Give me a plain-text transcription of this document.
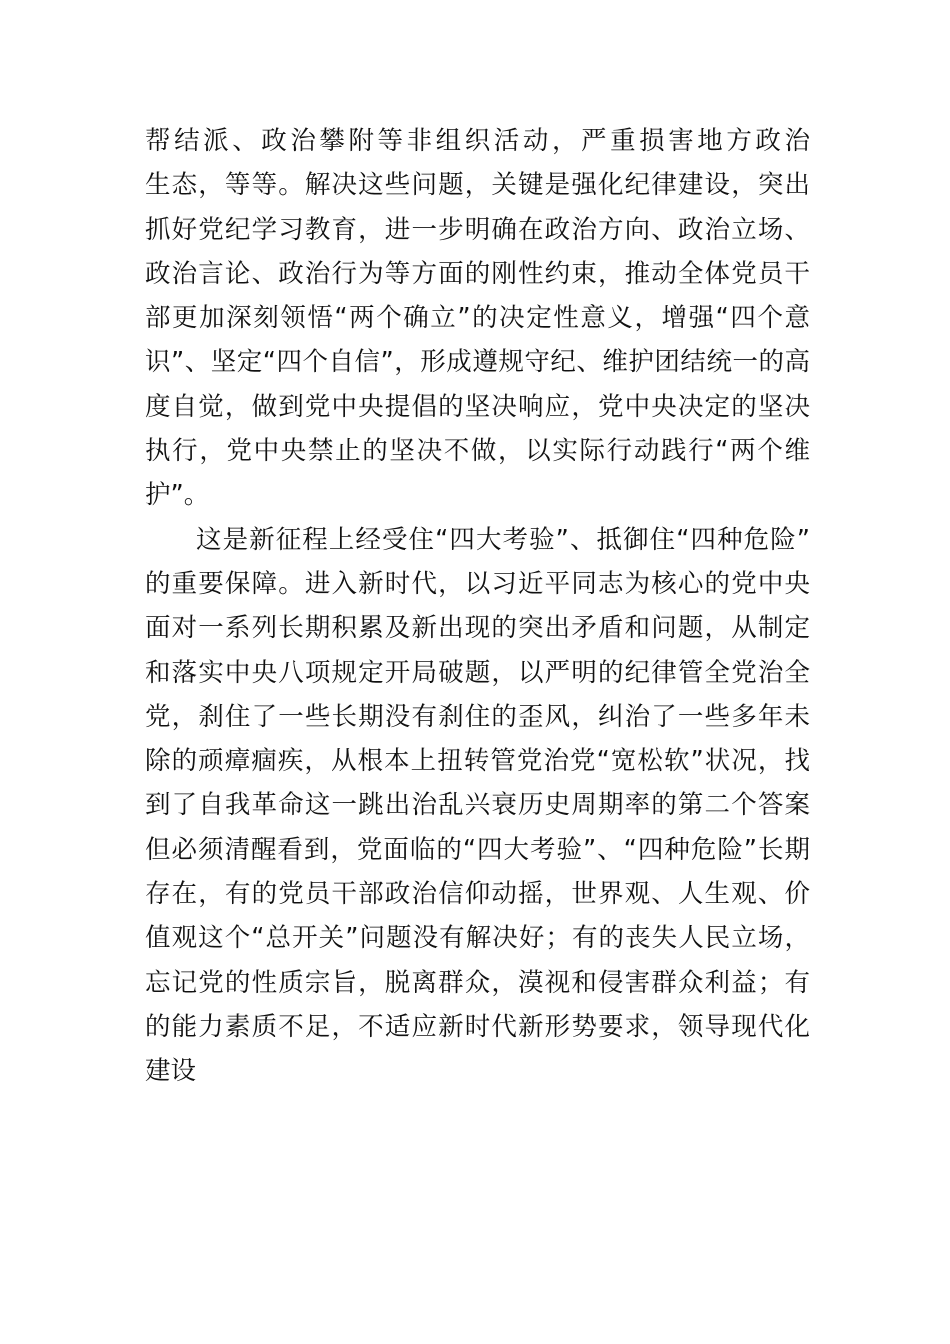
帮结派、政治攀附等非组织活动，严重损害地方政治
生态，等等。解决这些问题，关键是强化纪律建设，突出
抓好党纪学习教育，进一步明确在政治方向、政治立场、
政治言论、政治行为等方面的刚性约束，推动全体党员干
部更加深刻领悟“两个确立”的决定性意义，增强“四个意
识”、坚定“四个自信”，形成遵规守纪、维护团结统一的高
度自觉，做到党中央提倡的坚决响应，党中央决定的坚决
执行，党中央禁止的坚决不做，以实际行动践行“两个维
护”。
这是新征程上经受住“四大考验”、抵御住“四种危险”
的重要保障。进入新时代，以习近平同志为核心的党中央
面对一系列长期积累及新出现的突出矛盾和问题，从制定
和落实中央八项规定开局破题，以严明的纪律管全党治全
党，刹住了一些长期没有刹住的歪风，纠治了一些多年未
除的顽瘴痼疾，从根本上扭转管党治党“宽松软”状况，找
到了自我革命这一跳出治乱兴衰历史周期率的第二个答案
但必须清醒看到，党面临的“四大考验”、“四种危险”长期
存在，有的党员干部政治信仰动摇，世界观、人生观、价
值观这个“总开关”问题没有解决好；有的丧失人民立场，
忘记党的性质宗旨，脱离群众，漠视和侵害群众利益；有
的能力素质不足，不适应新时代新形势要求，领导现代化
建设
